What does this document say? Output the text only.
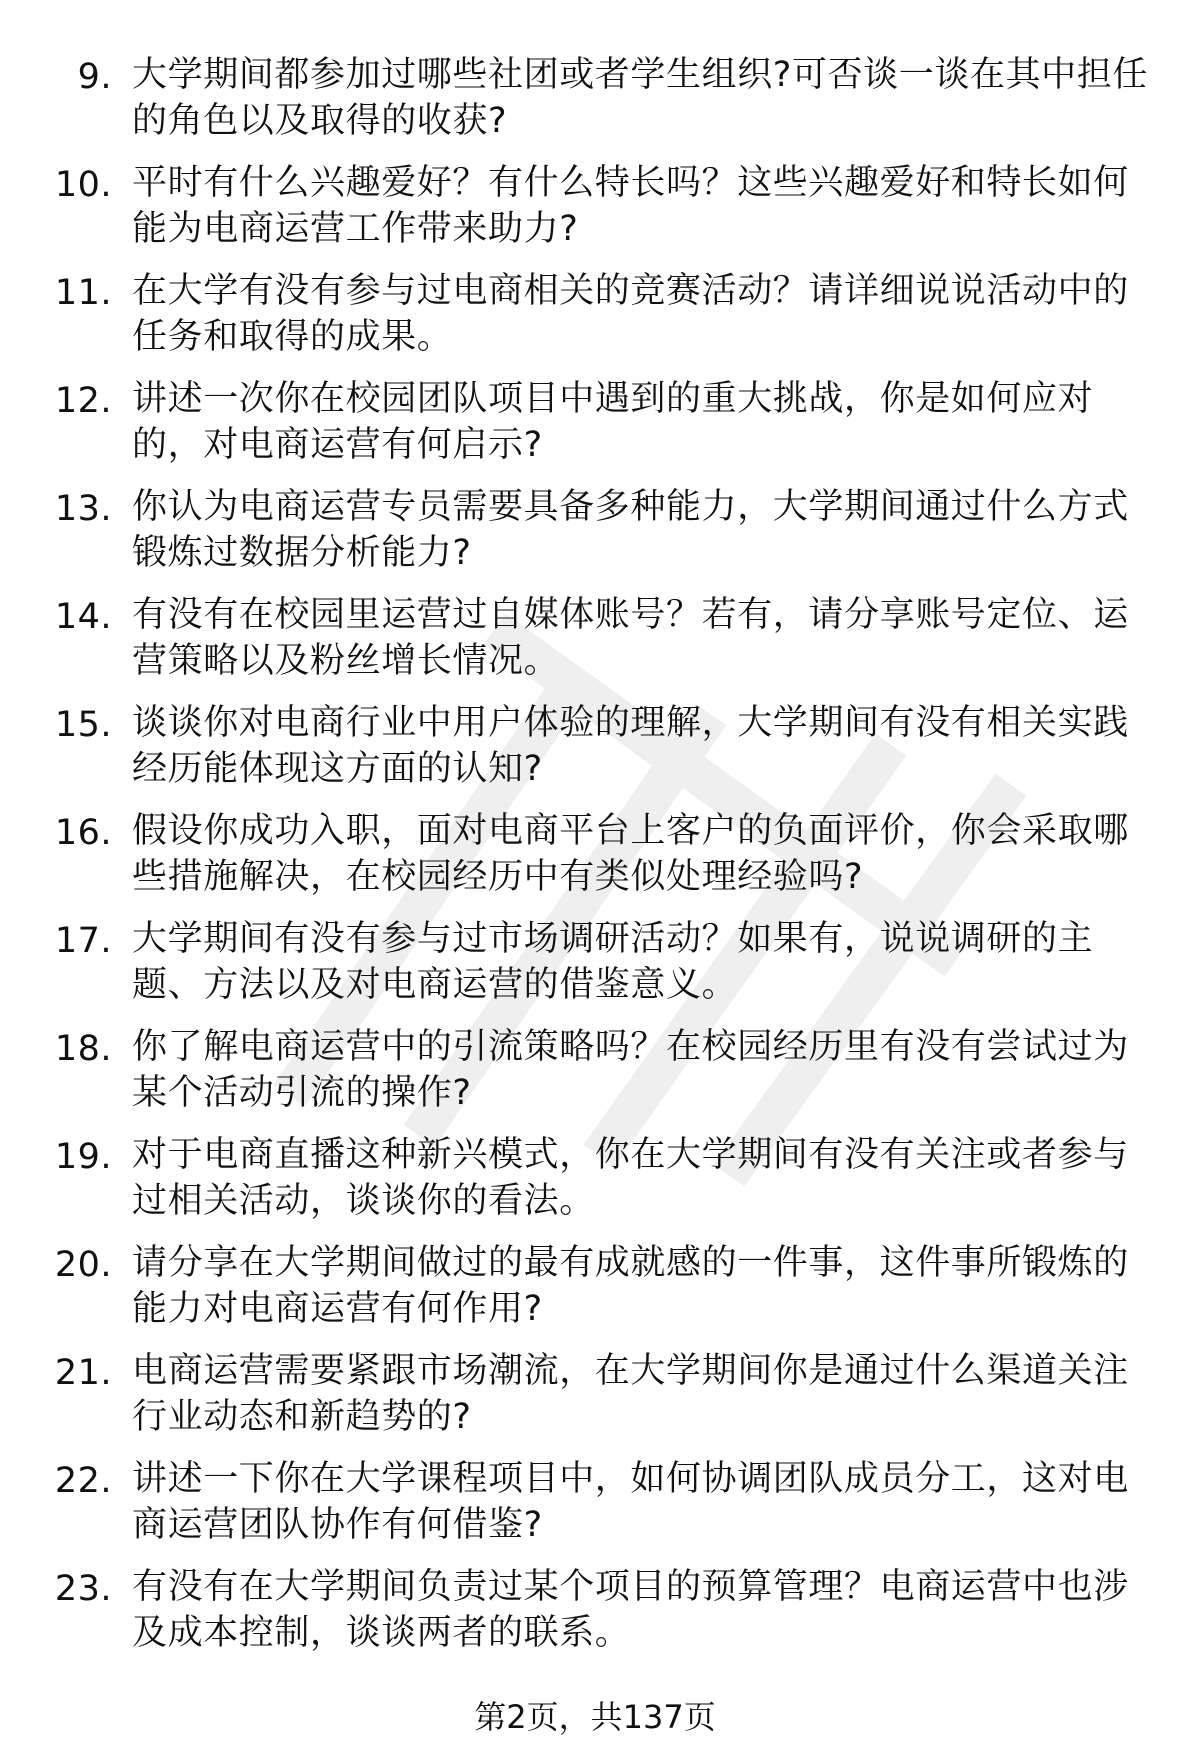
9. 大学期间都参加过哪些社团或者学生组织?可否谈一谈在其中担任的角色以及取得的收获?
10. 平时有什么兴趣爱好？有什么特长吗？这些兴趣爱好和特长如何能为电商运营工作带来助力?
11. 在大学有没有参与过电商相关的竞赛活动？请详细说说活动中的任务和取得的成果。
12. 讲述一次你在校园团队项目中遇到的重大挑战，你是如何应对的，对电商运营有何启示?
13. 你认为电商运营专员需要具备多种能力，大学期间通过什么方式锻炼过数据分析能力?
14. 有没有在校园里运营过自媒体账号？若有，请分享账号定位、运营策略以及粉丝增长情况。
15. 谈谈你对电商行业中用户体验的理解，大学期间有没有相关实践经历能体现这方面的认知?
16. 假设你成功入职，面对电商平台上客户的负面评价，你会采取哪些措施解决，在校园经历中有类似处理经验吗?
17. 大学期间有没有参与过市场调研活动？如果有，说说调研的主题、方法以及对电商运营的借鉴意义。
18. 你了解电商运营中的引流策略吗？在校园经历里有没有尝试过为某个活动引流的操作?
19. 对于电商直播这种新兴模式，你在大学期间有没有关注或者参与过相关活动，谈谈你的看法。
20. 请分享在大学期间做过的最有成就感的一件事，这件事所锻炼的能力对电商运营有何作用?
21. 电商运营需要紧跟市场潮流，在大学期间你是通过什么渠道关注行业动态和新趋势的?
22. 讲述一下你在大学课程项目中，如何协调团队成员分工，这对电商运营团队协作有何借鉴?
23. 有没有在大学期间负责过某个项目的预算管理？电商运营中也涉及成本控制，谈谈两者的联系。
第2页，共137页
